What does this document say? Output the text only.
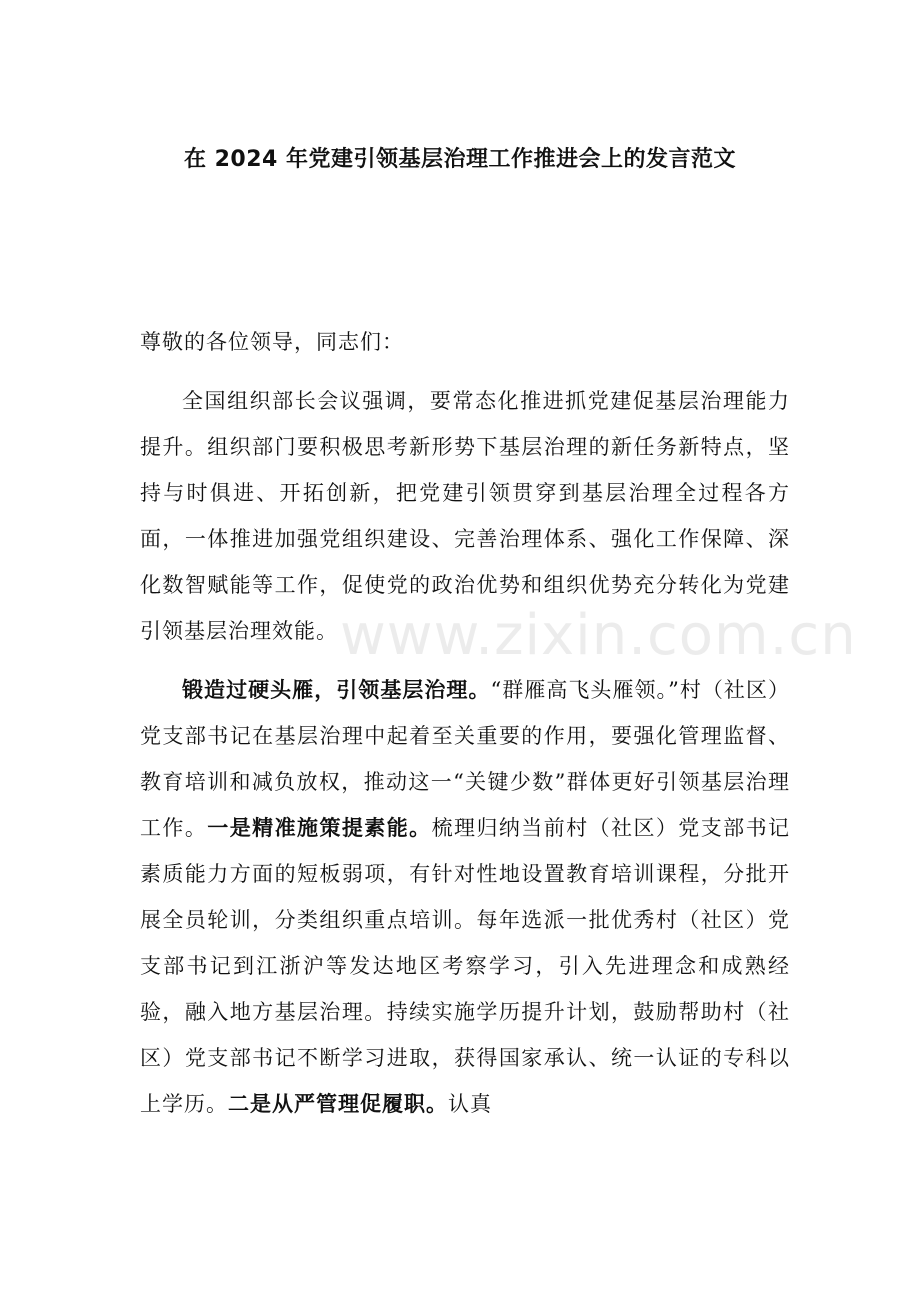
在 2024 年党建引领基层治理工作推进会上的发言范文

尊敬的各位领导，同志们：

全国组织部长会议强调，要常态化推进抓党建促基层治理能力提升。组织部门要积极思考新形势下基层治理的新任务新特点，坚持与时俱进、开拓创新，把党建引领贯穿到基层治理全过程各方面，一体推进加强党组织建设、完善治理体系、强化工作保障、深化数智赋能等工作，促使党的政治优势和组织优势充分转化为党建引领基层治理效能。

锻造过硬头雁，引领基层治理。“群雁高飞头雁领。”村（社区）党支部书记在基层治理中起着至关重要的作用，要强化管理监督、教育培训和减负放权，推动这一“关键少数”群体更好引领基层治理工作。一是精准施策提素能。梳理归纳当前村（社区）党支部书记素质能力方面的短板弱项，有针对性地设置教育培训课程，分批开展全员轮训，分类组织重点培训。每年选派一批优秀村（社区）党支部书记到江浙沪等发达地区考察学习，引入先进理念和成熟经验，融入地方基层治理。持续实施学历提升计划，鼓励帮助村（社区）党支部书记不断学习进取，获得国家承认、统一认证的专科以上学历。二是从严管理促履职。认真

www.zixin.com.cn
